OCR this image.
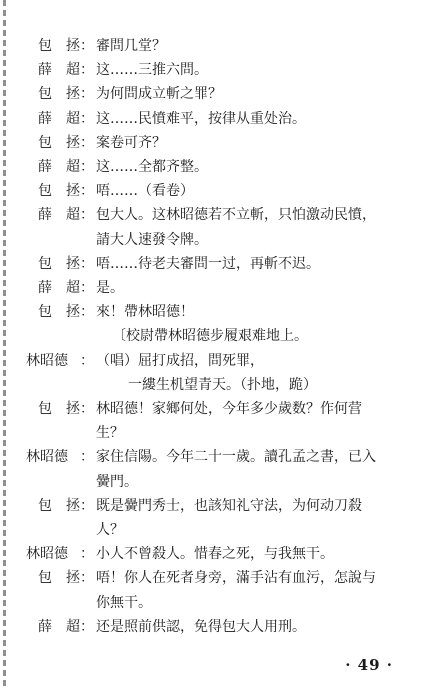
包　拯 ： 審問几堂？
薛　超 ： 这……三推六問。
包　拯 ： 为何問成立斬之罪？
薛　超 ： 这……民憤难平，按律从重处治。
包　拯 ： 案卷可齐？
薛　超 ： 这……全都齐整。
包　拯 ： 唔……（看卷）
薛　超 ： 包大人。这林昭德若不立斬，只怕激动民憤，
請大人速發令牌。
包　拯 ： 唔……待老夫審問一过，再斬不迟。
薛　超 ： 是。
包　拯 ： 來！帶林昭德！
〔校尉帶林昭德步履艰难地上。
林昭德 ： （唱）屈打成招，問死罪，
一縷生机望青天。（扑地，跪）
包　拯 ： 林昭德！家鄉何处，今年多少歲数？作何营
生？
林昭德 ： 家住信陽。今年二十一歲。讀孔孟之書，已入
黌門。
包　拯 ： 既是黌門秀士，也該知礼守法，为何动刀殺
人？
林昭德 ： 小人不曾殺人。惜春之死，与我無干。
包　拯 ： 唔！你人在死者身旁，滿手沾有血污，怎說与
你無干。
薛　超 ： 还是照前供認，免得包大人用刑。
· 49 ·
